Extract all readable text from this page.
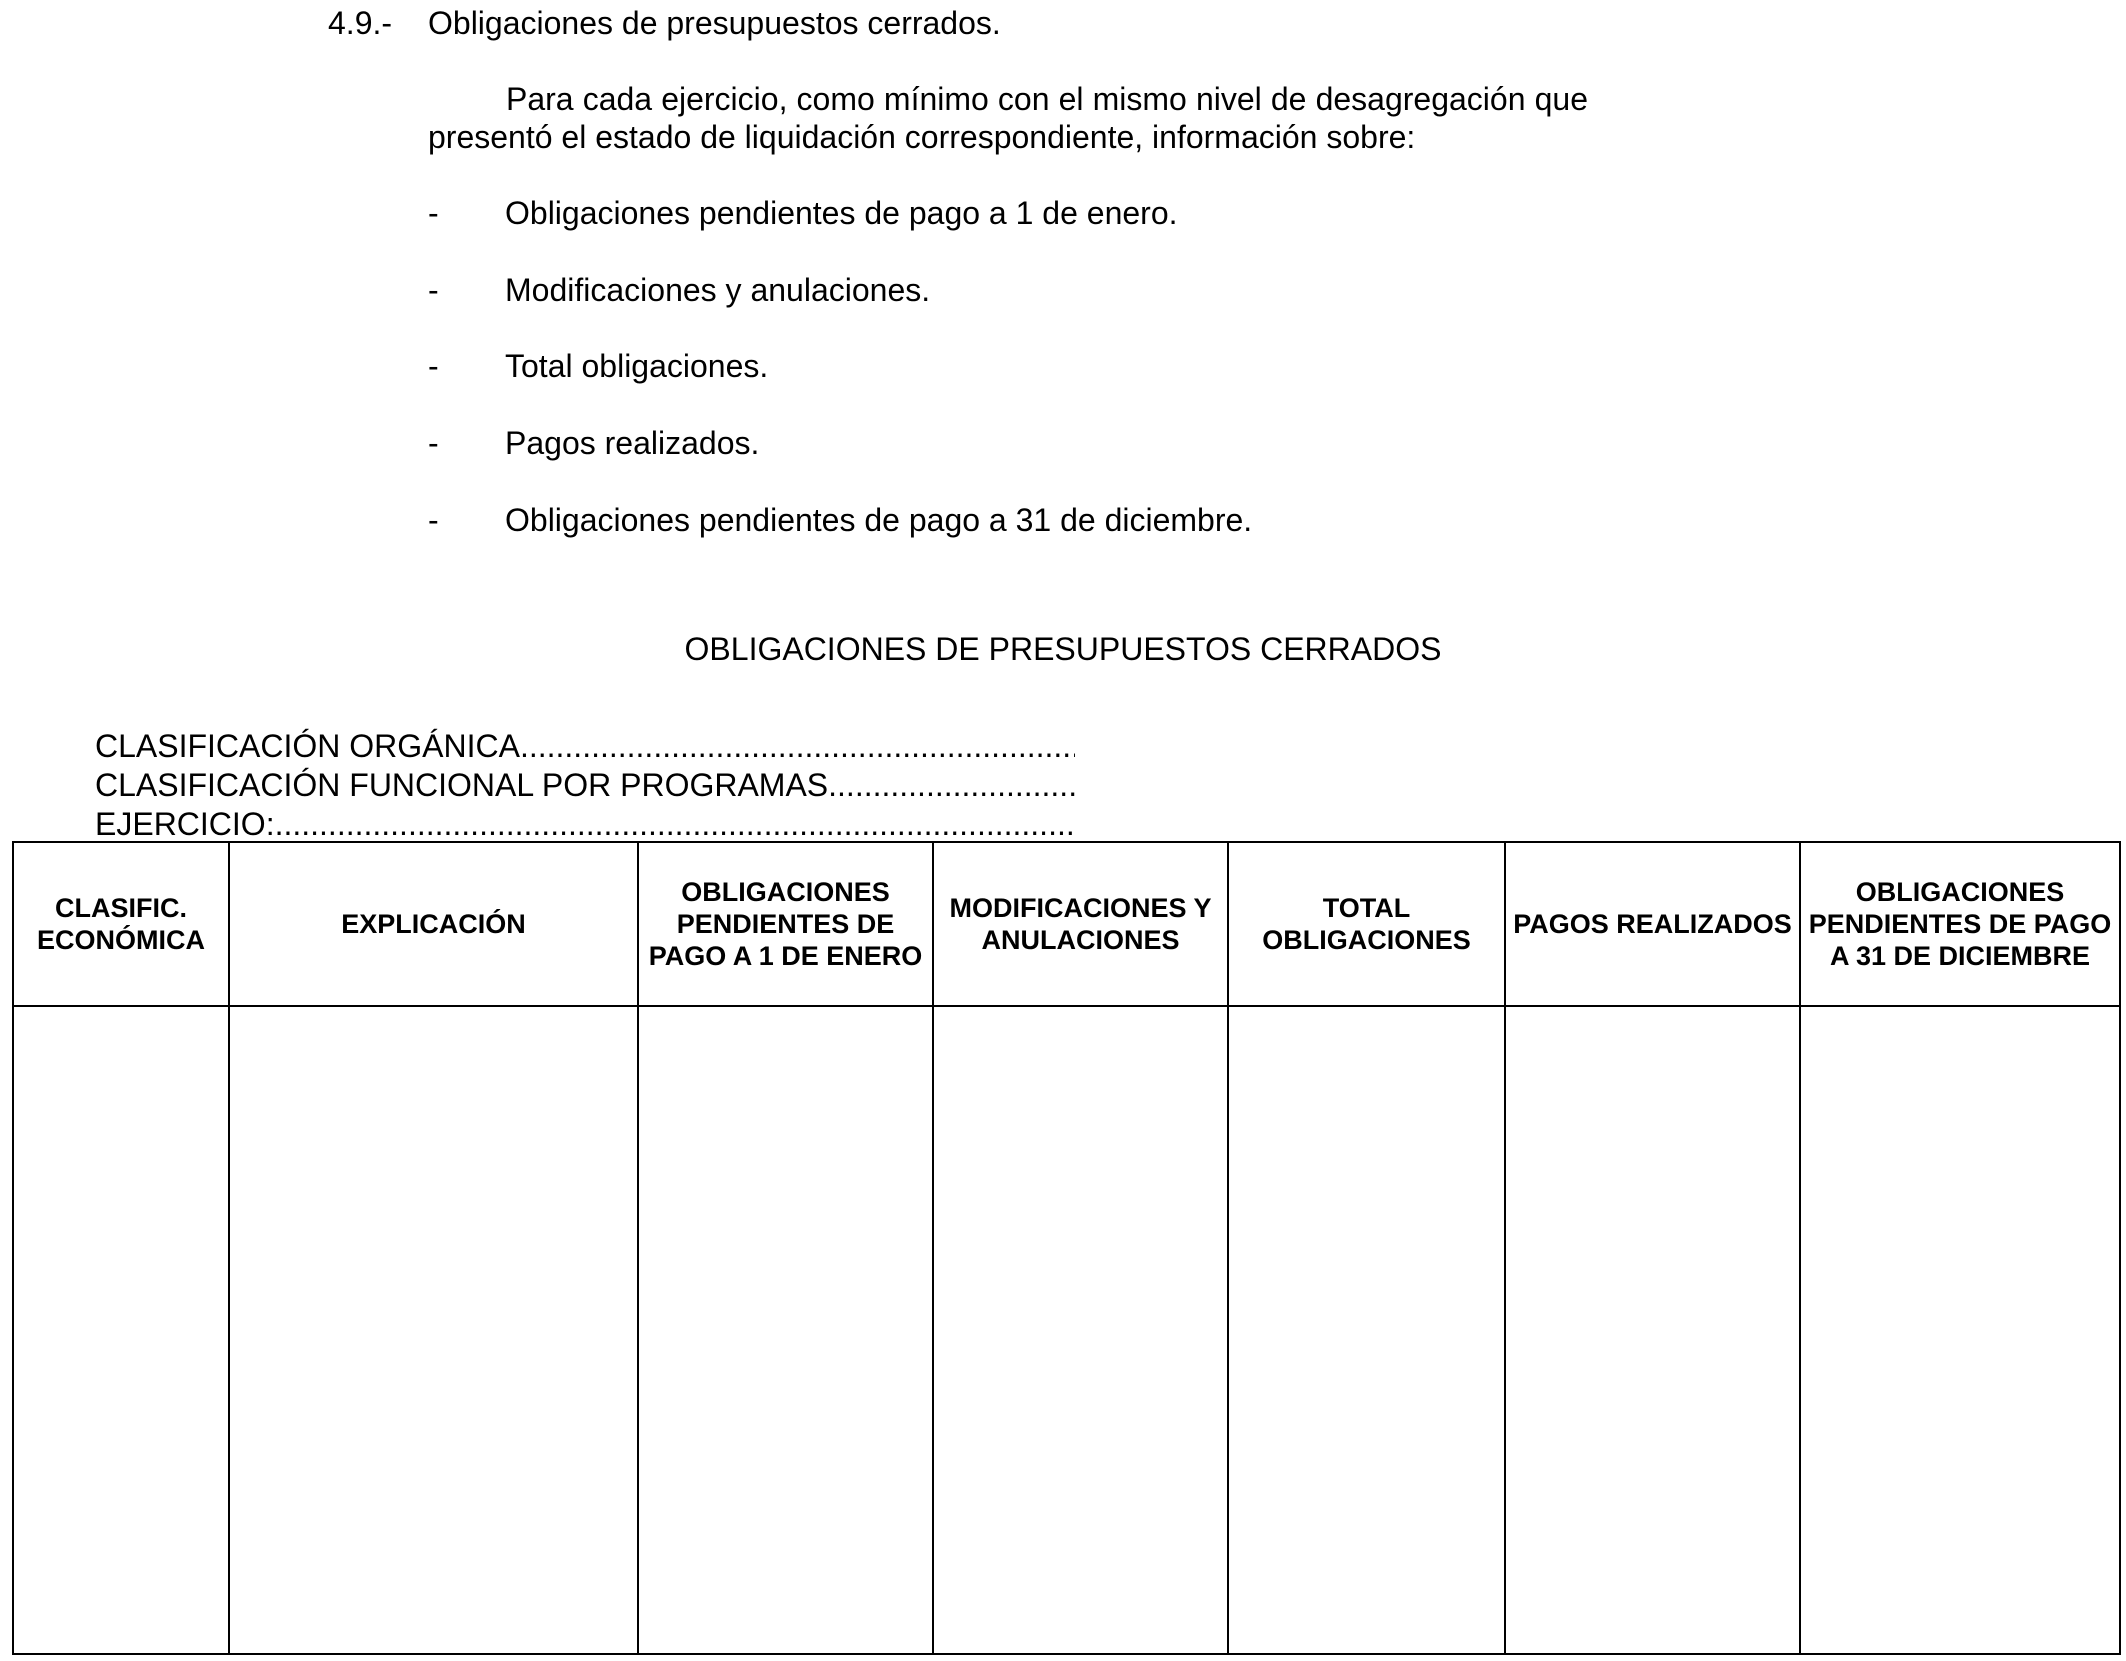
4.9.- Obligaciones de presupuestos cerrados.
Para cada ejercicio, como mínimo con el mismo nivel de desagregación que presentó el estado de liquidación correspondiente, información sobre:
- Obligaciones pendientes de pago a 1 de enero.
- Modificaciones y anulaciones.
- Total obligaciones.
- Pagos realizados.
- Obligaciones pendientes de pago a 31 de diciembre.
OBLIGACIONES DE PRESUPUESTOS CERRADOS
CLASIFICACIÓN ORGÁNICA
.....
CLASIFICACIÓN FUNCIONAL POR PROGRAMAS
.....
EJERCICIO:
.....
CLASIFIC. ECONÓMICA	EXPLICACIÓN	OBLIGACIONES PENDIENTES DE PAGO A 1 DE ENERO	MODIFICACIONES Y ANULACIONES	TOTAL OBLIGACIONES	PAGOS REALIZADOS	OBLIGACIONES PENDIENTES DE PAGO A 31 DE DICIEMBRE
